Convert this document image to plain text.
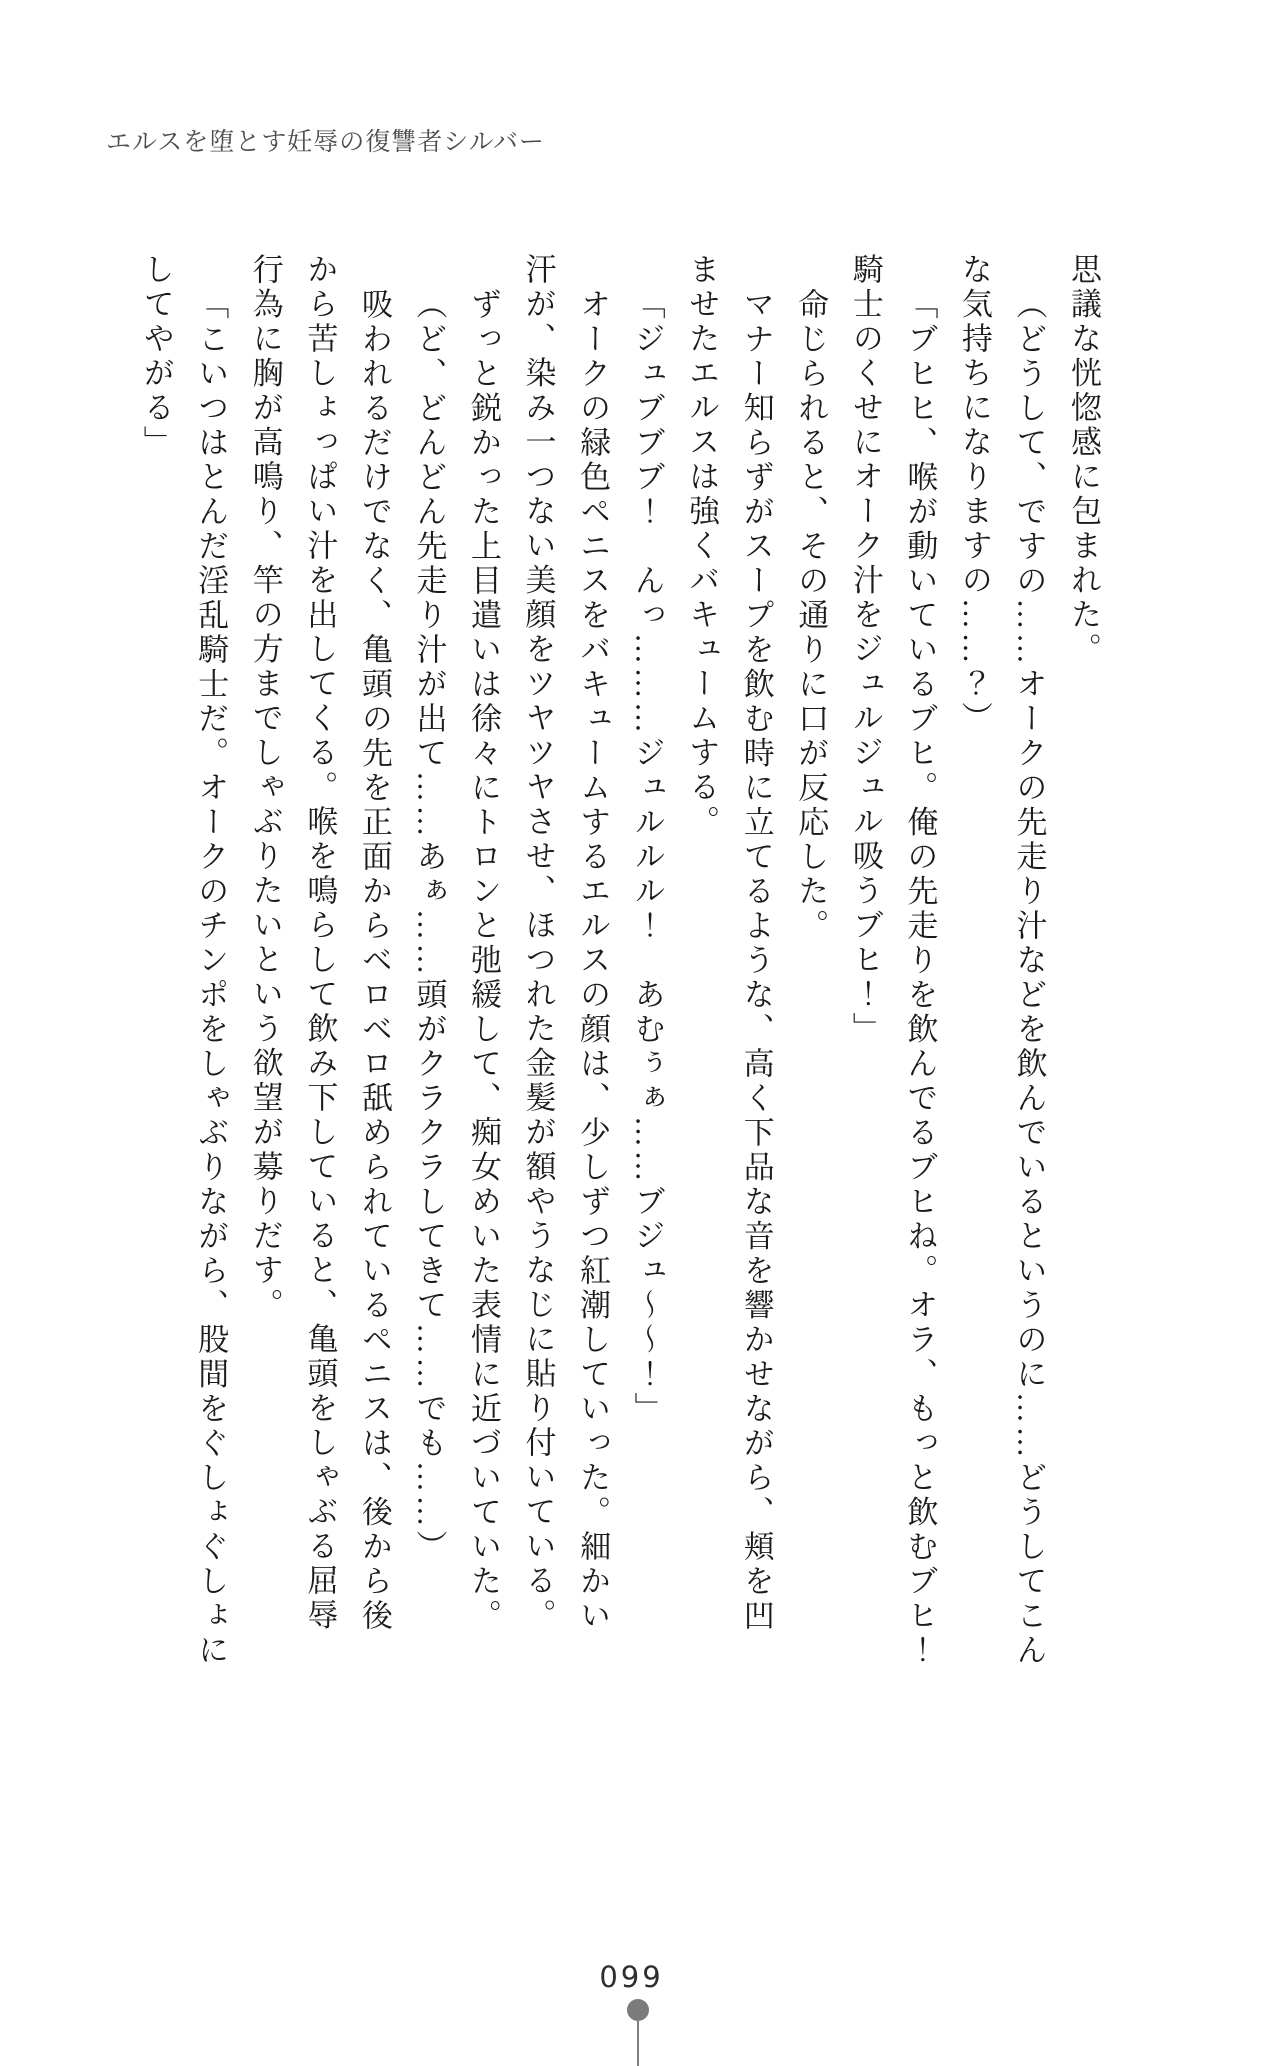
エルスを堕とす妊辱の復讐者シルバー

思議な恍惚感に包まれた。

（どうして、ですの……オークの先走り汁などを飲んでいるというのに……どうしてこん

な気持ちになりますの……？）

「ブヒヒ、喉が動いているブヒ。俺の先走りを飲んでるブヒね。オラ、もっと飲むブヒ！

騎士のくせにオーク汁をジュルジュル吸うブヒ！」

命じられると、その通りに口が反応した。

マナー知らずがスープを飲む時に立てるような、高く下品な音を響かせながら、頬を凹

ませたエルスは強くバキュームする。

「ジュブブブ！　んっ………ジュルルル！　あむぅぁ……ブジュ～～！」

オークの緑色ペニスをバキュームするエルスの顔は、少しずつ紅潮していった。細かい

汗が、染み一つない美顔をツヤツヤさせ、ほつれた金髪が額やうなじに貼り付いている。

ずっと鋭かった上目遣いは徐々にトロンと弛緩して、痴女めいた表情に近づいていた。

（ど、どんどん先走り汁が出て……あぁ……頭がクラクラしてきて……でも……）

吸われるだけでなく、亀頭の先を正面からベロベロ舐められているペニスは、後から後

から苦しょっぱい汁を出してくる。喉を鳴らして飲み下していると、亀頭をしゃぶる屈辱

行為に胸が高鳴り、竿の方までしゃぶりたいという欲望が募りだす。

「こいつはとんだ淫乱騎士だ。オークのチンポをしゃぶりながら、股間をぐしょぐしょに

してやがる」

099
